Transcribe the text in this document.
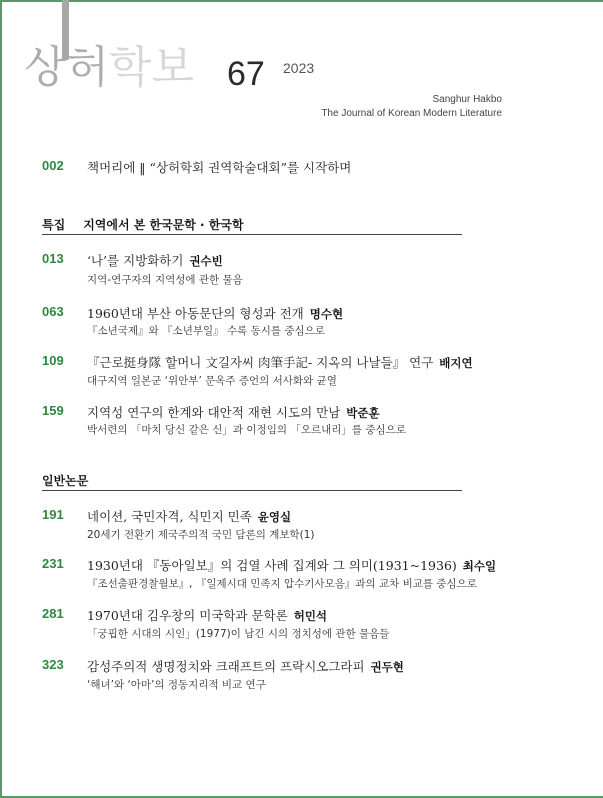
상허학보 67 2023
Sanghur Hakbo
The Journal of Korean Modern Literature
002 책머리에 ‖ “상허학회 권역학술대회”를 시작하며
특집 지역에서 본 한국문학 · 한국학
013 ‘나’를 지방화하기 권수빈
지역-연구자의 지역성에 관한 물음
063 1960년대 부산 아동문단의 형성과 전개 명수현
『소년국제』와 『소년부일』 수록 동시를 중심으로
109 『근로挺身隊 할머니 文길자씨 肉筆手記- 지옥의 나날들』 연구 배지연
대구지역 일본군 ‘위안부’ 문옥주 증언의 서사화와 균열
159 지역성 연구의 한계와 대안적 재현 시도의 만남 박준훈
박서련의 「마치 당신 같은 신」과 이정임의 「오르내리」를 중심으로
일반논문
191 네이션, 국민자격, 식민지 민족 윤영실
20세기 전환기 제국주의적 국민 담론의 계보학(1)
231 1930년대 『동아일보』의 검열 사례 집계와 그 의미(1931~1936) 최수일
『조선출판경찰월보』, 『일제시대 민족지 압수기사모음』과의 교차 비교를 중심으로
281 1970년대 김우창의 미국학과 문학론 허민석
「궁핍한 시대의 시인」(1977)이 남긴 시의 정치성에 관한 물음들
323 감성주의적 생명정치와 크래프트의 프락시오그라피 권두현
‘해녀’와 ‘아마’의 정동지리적 비교 연구
